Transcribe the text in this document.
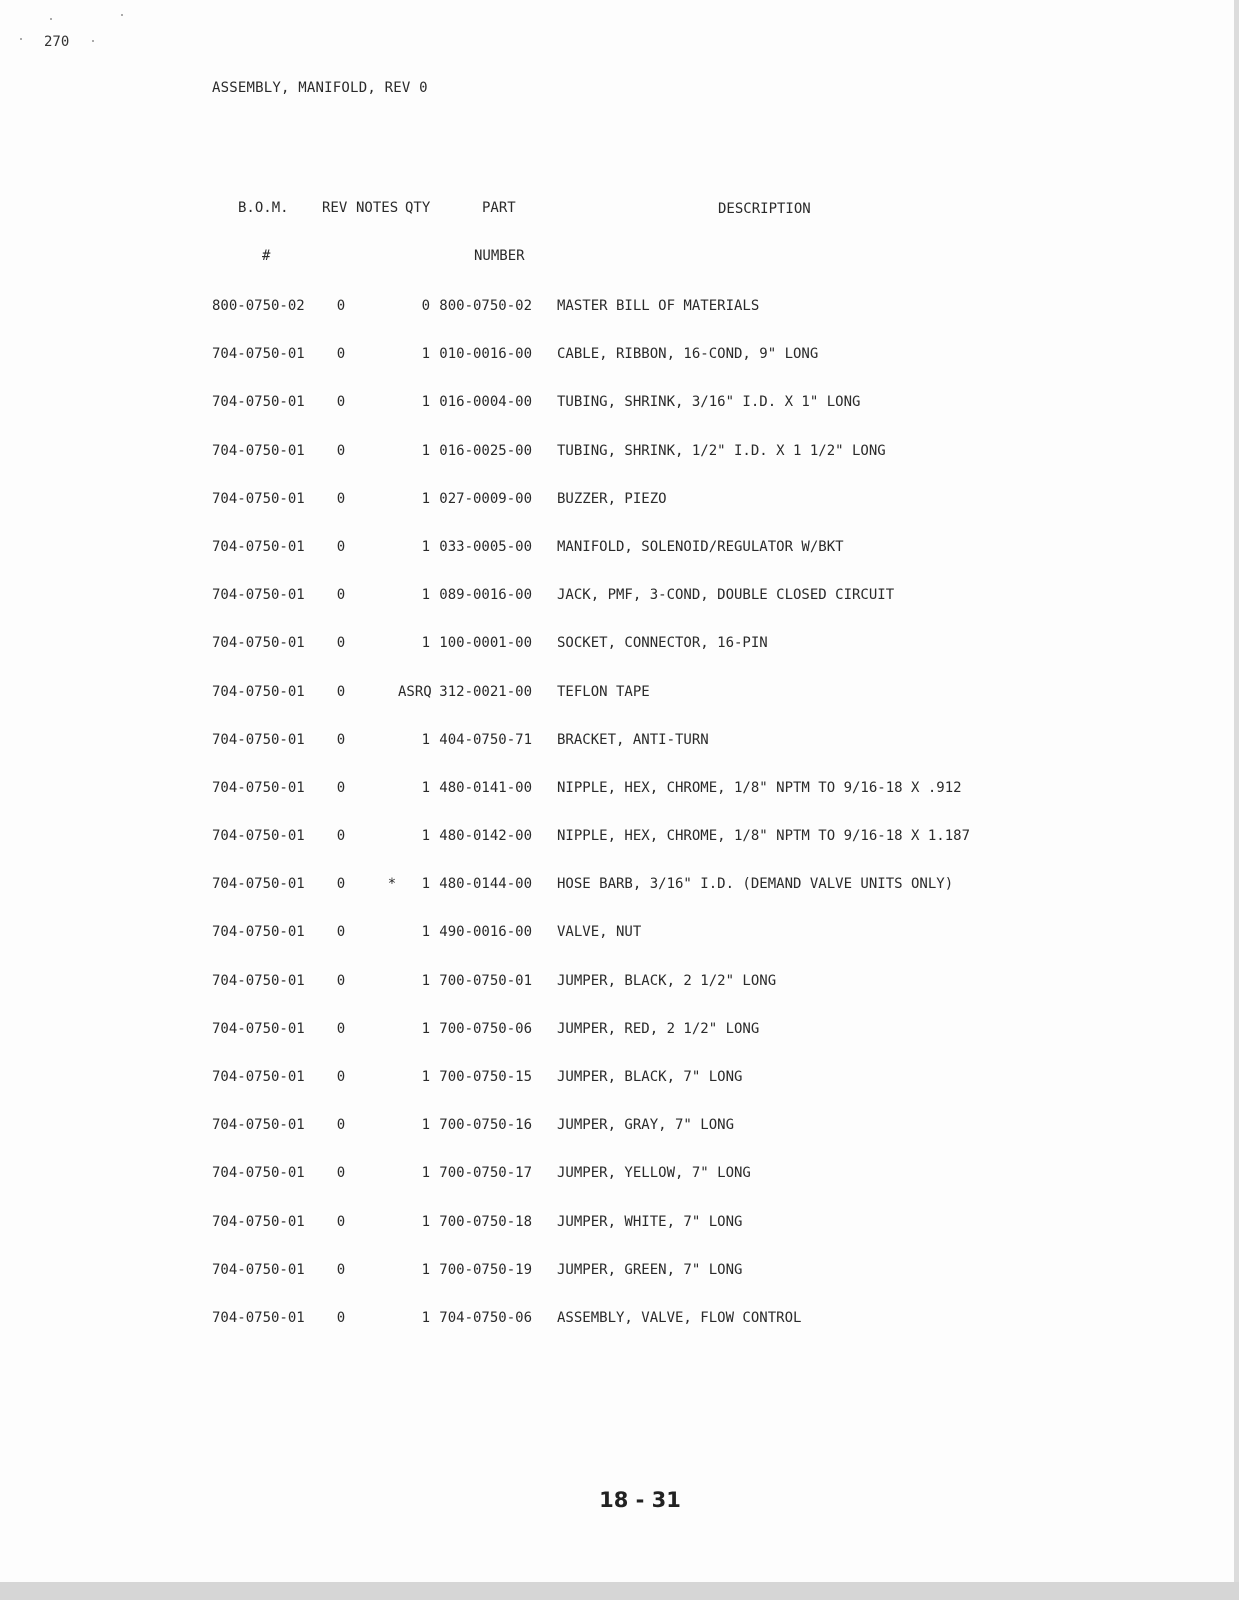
270
ASSEMBLY, MANIFOLD, REV 0
B.O.M. REV NOTES QTY	PART	DESCRIPTION
#	NUMBER
800-0750-02 0	0 800-0750-02 MASTER BILL OF MATERIALS
704-0750-01 0	1 010-0016-00 CABLE, RIBBON, 16-COND, 9" LONG
704-0750-01 0	1 016-0004-00 TUBING, SHRINK, 3/16" I.D. X 1" LONG
704-0750-01 0	1 016-0025-00 TUBING, SHRINK, 1/2" I.D. X 1 1/2" LONG
704-0750-01 0	1 027-0009-00 BUZZER, PIEZO
704-0750-01 0	1 033-0005-00 MANIFOLD, SOLENOID/REGULATOR W/BKT
704-0750-01 0	1 089-0016-00 JACK, PMF, 3-COND, DOUBLE CLOSED CIRCUIT
704-0750-01 0	1 100-0001-00 SOCKET, CONNECTOR, 16-PIN
704-0750-01 0	ASRQ 312-0021-00 TEFLON TAPE
704-0750-01 0	1 404-0750-71 BRACKET, ANTI-TURN
704-0750-01 0	1 480-0141-00 NIPPLE, HEX, CHROME, 1/8" NPTM TO 9/16-18 X .912
704-0750-01 0	1 480-0142-00 NIPPLE, HEX, CHROME, 1/8" NPTM TO 9/16-18 X 1.187
704-0750-01 0	*	1 480-0144-00 HOSE BARB, 3/16" I.D. (DEMAND VALVE UNITS ONLY)
704-0750-01 0	1 490-0016-00 VALVE, NUT
704-0750-01 0	1 700-0750-01 JUMPER, BLACK, 2 1/2" LONG
704-0750-01 0	1 700-0750-06 JUMPER, RED, 2 1/2" LONG
704-0750-01 0	1 700-0750-15 JUMPER, BLACK, 7" LONG
704-0750-01 0	1 700-0750-16 JUMPER, GRAY, 7" LONG
704-0750-01 0	1 700-0750-17 JUMPER, YELLOW, 7" LONG
704-0750-01 0	1 700-0750-18 JUMPER, WHITE, 7" LONG
704-0750-01 0	1 700-0750-19 JUMPER, GREEN, 7" LONG
704-0750-01 0	1 704-0750-06 ASSEMBLY, VALVE, FLOW CONTROL
18 - 31
